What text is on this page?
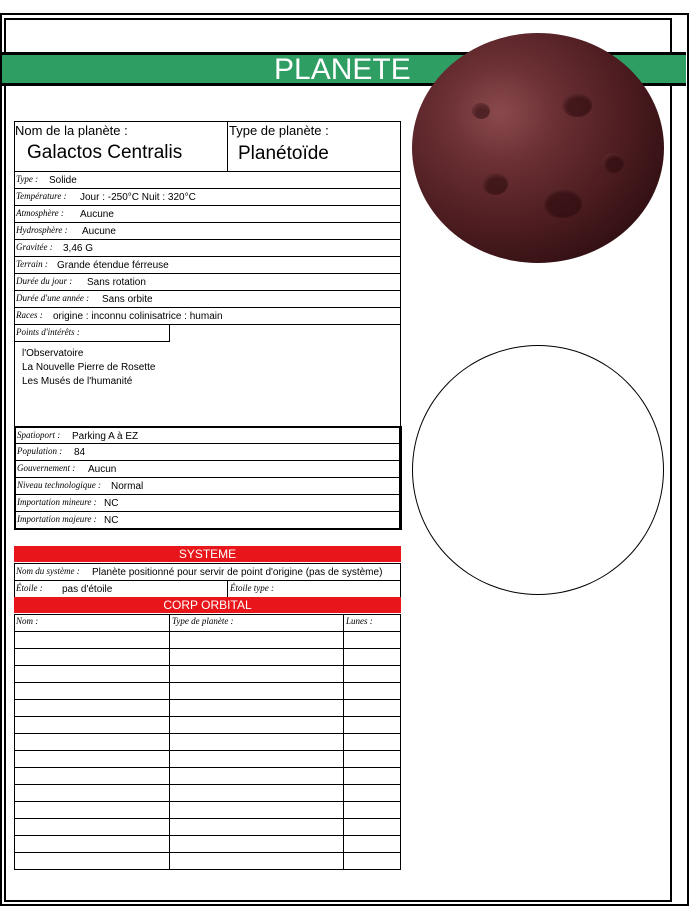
PLANETE
Nom de la planète :
Galactos Centralis
Type de planète :
Planétoïde
Type : Solide
Température : Jour : -250°C Nuit : 320°C
Atmosphère : Aucune
Hydrosphère : Aucune
Gravitée : 3,46 G
Terrain : Grande étendue férreuse
Durée du jour : Sans rotation
Durée d'une année : Sans orbite
Races : origine : inconnu colinisatrice : humain
Points d'intérêts :
l'Observatoire
La Nouvelle Pierre de Rosette
Les Musés de l'humanité
Spatioport : Parking A à EZ
Population : 84
Gouvernement : Aucun
Niveau technologique : Normal
Importation mineure : NC
Importation majeure : NC
SYSTEME
Nom du système : Planète positionné pour servir de point d'origine (pas de système)
Étoile : pas d'étoile	Étoile type :
CORP ORBITAL
Nom :	Type de planète :	Lunes :
